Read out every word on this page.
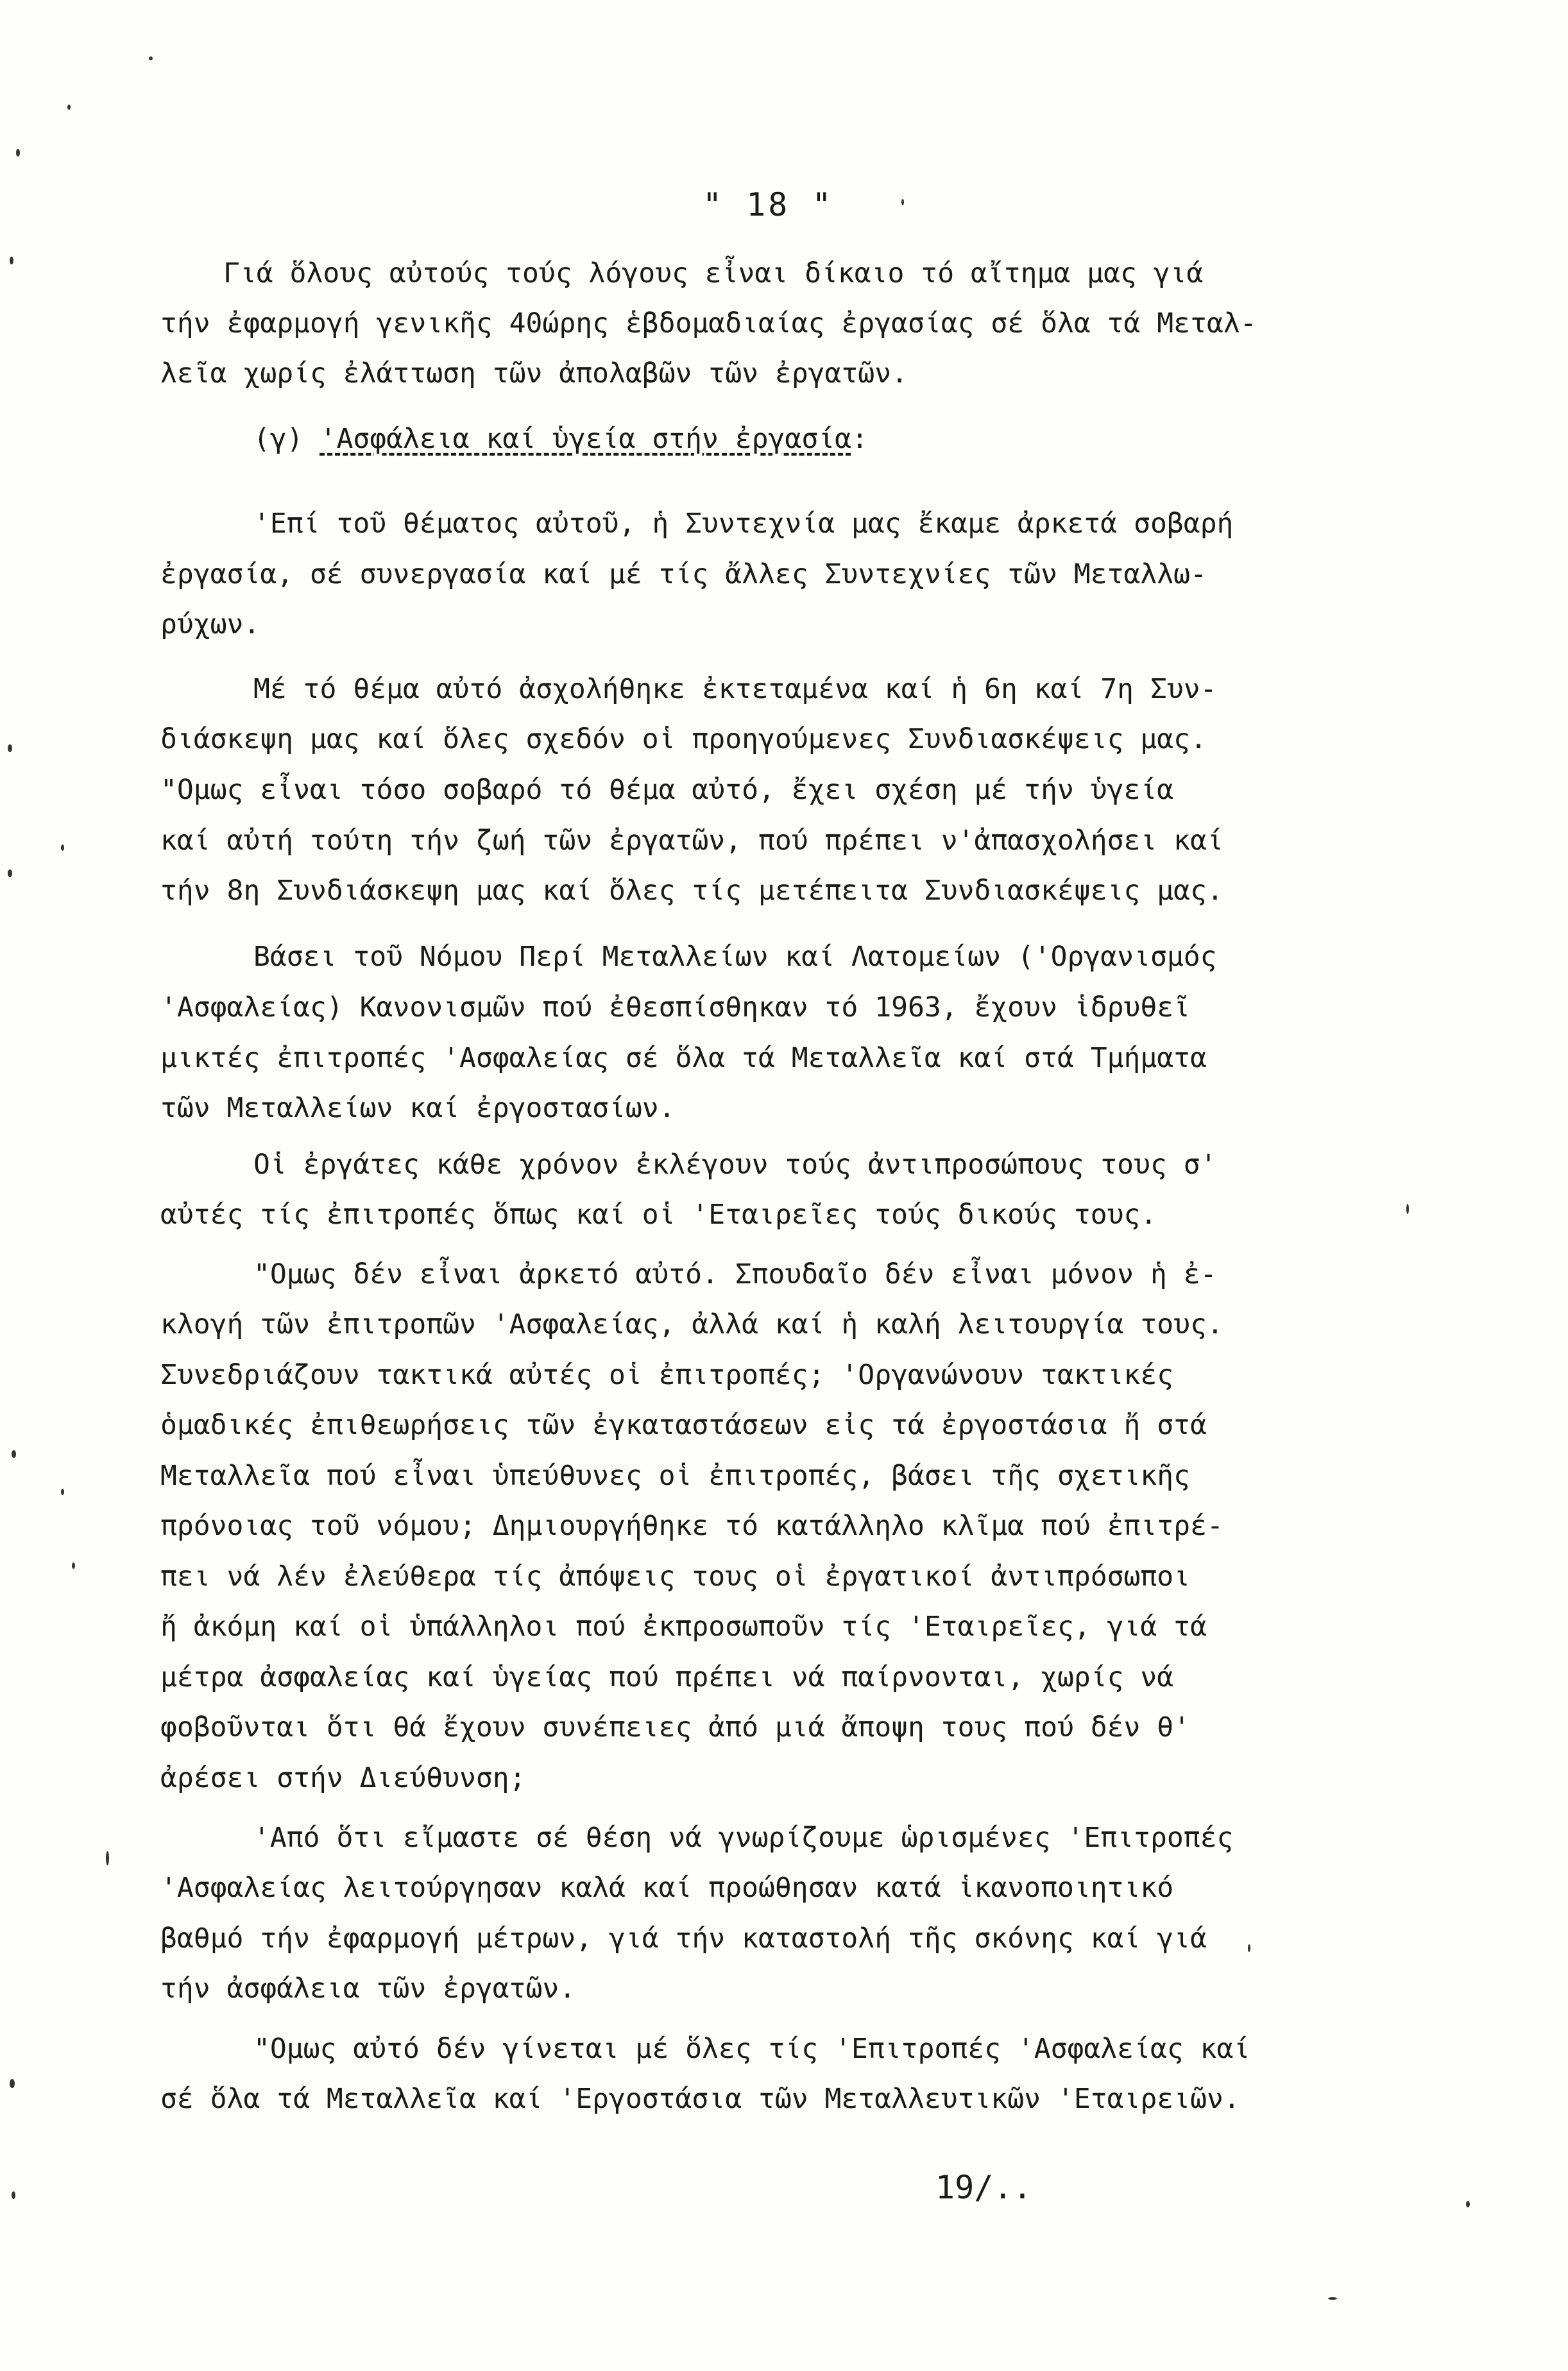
" 18 "
Γιά ὅλους αὐτούς τούς λόγους εἶναι δίκαιο τό αἴτημα μας γιά
τήν ἐφαρμογή γενικῆς 40ώρης ἑβδομαδιαίας ἐργασίας σέ ὅλα τά Μεταλ-
λεῖα χωρίς ἐλάττωση τῶν ἀπολαβῶν τῶν ἐργατῶν.
(γ) 'Ασφάλεια καί ὑγεία στήν ἐργασία:
'Επί τοῦ θέματος αὐτοῦ, ἡ Συντεχνία μας ἔκαμε ἀρκετά σοβαρή
ἐργασία, σέ συνεργασία καί μέ τίς ἄλλες Συντεχνίες τῶν Μεταλλω-
ρύχων.
Μέ τό θέμα αὐτό ἀσχολήθηκε ἐκτεταμένα καί ἡ 6η καί 7η Συν-
διάσκεψη μας καί ὅλες σχεδόν οἱ προηγούμενες Συνδιασκέψεις μας.
"Ομως εἶναι τόσο σοβαρό τό θέμα αὐτό, ἔχει σχέση μέ τήν ὑγεία
καί αὐτή τούτη τήν ζωή τῶν ἐργατῶν, πού πρέπει ν'ἀπασχολήσει καί
τήν 8η Συνδιάσκεψη μας καί ὅλες τίς μετέπειτα Συνδιασκέψεις μας.
Βάσει τοῦ Νόμου Περί Μεταλλείων καί Λατομείων ('Οργανισμός
'Ασφαλείας) Κανονισμῶν πού ἐθεσπίσθηκαν τό 1963, ἔχουν ἱδρυθεῖ
μικτές ἐπιτροπές 'Ασφαλείας σέ ὅλα τά Μεταλλεῖα καί στά Τμήματα
τῶν Μεταλλείων καί ἐργοστασίων.
Οἱ ἐργάτες κάθε χρόνον ἐκλέγουν τούς ἀντιπροσώπους τους σ'
αὐτές τίς ἐπιτροπές ὅπως καί οἱ 'Εταιρεῖες τούς δικούς τους.
"Ομως δέν εἶναι ἀρκετό αὐτό. Σπουδαῖο δέν εἶναι μόνον ἡ ἐ-
κλογή τῶν ἐπιτροπῶν 'Ασφαλείας, ἀλλά καί ἡ καλή λειτουργία τους.
Συνεδριάζουν τακτικά αὐτές οἱ ἐπιτροπές; 'Οργανώνουν τακτικές
ὁμαδικές ἐπιθεωρήσεις τῶν ἐγκαταστάσεων εἰς τά ἐργοστάσια ἤ στά
Μεταλλεῖα πού εἶναι ὑπεύθυνες οἱ ἐπιτροπές, βάσει τῆς σχετικῆς
πρόνοιας τοῦ νόμου; Δημιουργήθηκε τό κατάλληλο κλῖμα πού ἐπιτρέ-
πει νά λέν ἐλεύθερα τίς ἀπόψεις τους οἱ ἐργατικοί ἀντιπρόσωποι
ἤ ἀκόμη καί οἱ ὑπάλληλοι πού ἐκπροσωποῦν τίς 'Εταιρεῖες, γιά τά
μέτρα ἀσφαλείας καί ὑγείας πού πρέπει νά παίρνονται, χωρίς νά
φοβοῦνται ὅτι θά ἔχουν συνέπειες ἀπό μιά ἄποψη τους πού δέν θ'
ἀρέσει στήν Διεύθυνση;
'Από ὅτι εἴμαστε σέ θέση νά γνωρίζουμε ὡρισμένες 'Επιτροπές
'Ασφαλείας λειτούργησαν καλά καί προώθησαν κατά ἱκανοποιητικό
βαθμό τήν ἐφαρμογή μέτρων, γιά τήν καταστολή τῆς σκόνης καί γιά
τήν ἀσφάλεια τῶν ἐργατῶν.
"Ομως αὐτό δέν γίνεται μέ ὅλες τίς 'Επιτροπές 'Ασφαλείας καί
σέ ὅλα τά Μεταλλεῖα καί 'Εργοστάσια τῶν Μεταλλευτικῶν 'Εταιρειῶν.
19/..
